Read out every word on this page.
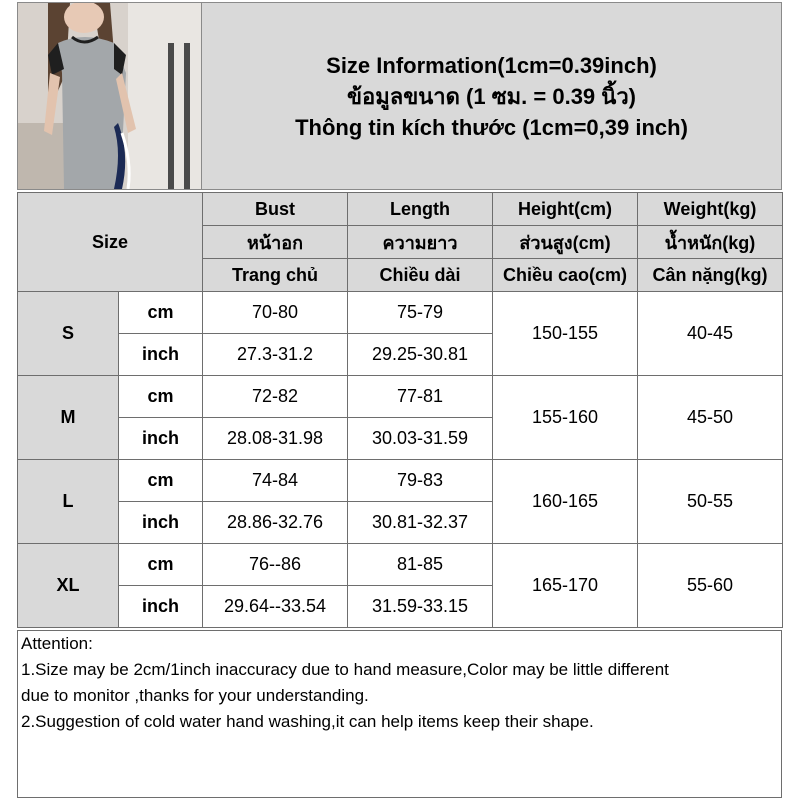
Size Information(1cm=0.39inch)
ข้อมูลขนาด (1 ซม. = 0.39 นิ้ว)
Thông tin kích thước (1cm=0,39 inch)
Size		Bust	Length	Height(cm)	Weight(kg)
		หน้าอก	ความยาว	ส่วนสูง(cm)	น้ำหนัก(kg)
		Trang chủ	Chiều dài	Chiều cao(cm)	Cân nặng(kg)
S	cm	70-80	75-79	150-155	40-45
	inch	27.3-31.2	29.25-30.81		
M	cm	72-82	77-81	155-160	45-50
	inch	28.08-31.98	30.03-31.59		
L	cm	74-84	79-83	160-165	50-55
	inch	28.86-32.76	30.81-32.37		
XL	cm	76--86	81-85	165-170	55-60
	inch	29.64--33.54	31.59-33.15		
Attention:
1.Size may be 2cm/1inch inaccuracy due to hand measure,Color may be little different
due to monitor ,thanks for your understanding.
2.Suggestion of cold water hand washing,it can help items keep their shape.
